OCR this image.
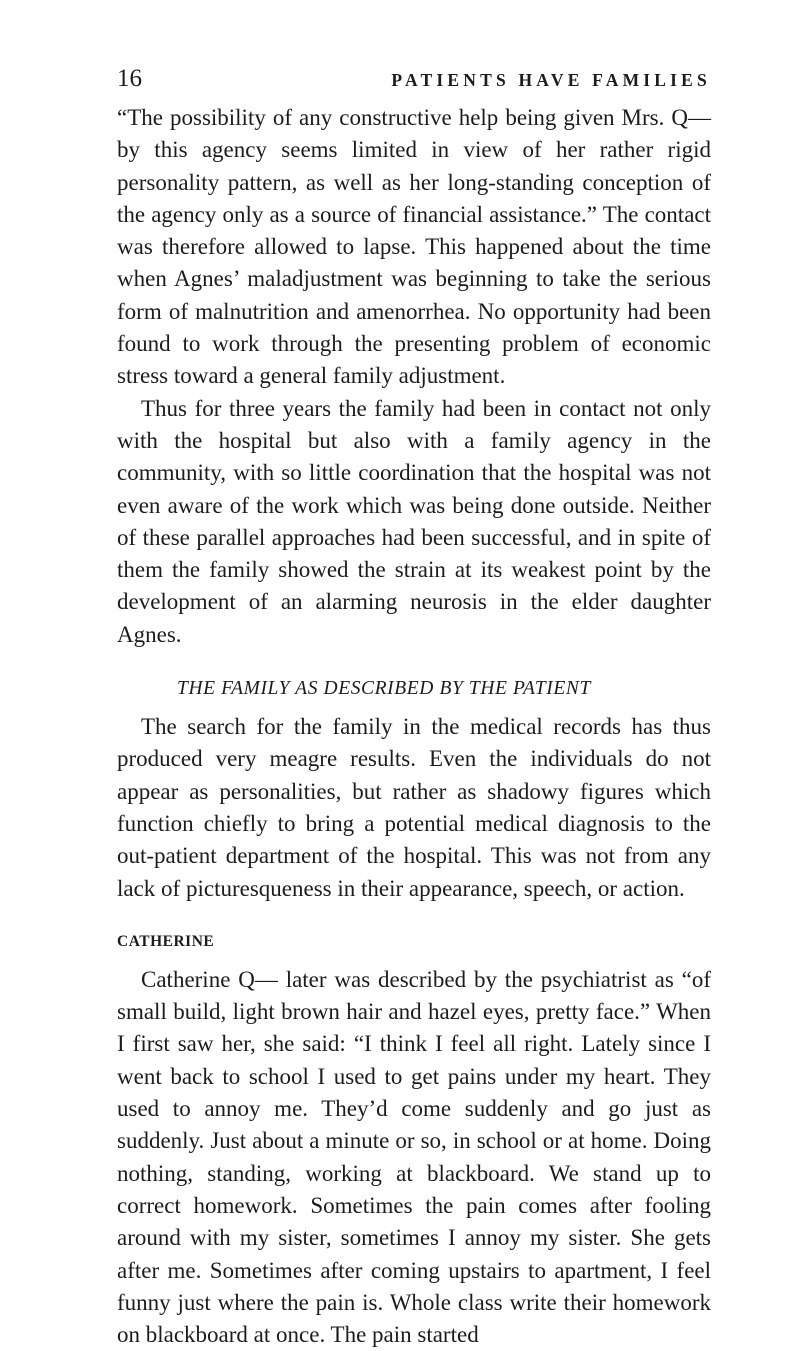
16	PATIENTS HAVE FAMILIES

“The possibility of any constructive help being given Mrs. Q— by this agency seems limited in view of her rather rigid personality pattern, as well as her long-standing conception of the agency only as a source of financial assistance.” The contact was therefore allowed to lapse. This happened about the time when Agnes’ maladjustment was beginning to take the serious form of malnutrition and amenorrhea. No opportunity had been found to work through the presenting problem of economic stress toward a general family adjustment.

Thus for three years the family had been in contact not only with the hospital but also with a family agency in the community, with so little coordination that the hospital was not even aware of the work which was being done outside. Neither of these parallel approaches had been successful, and in spite of them the family showed the strain at its weakest point by the development of an alarming neurosis in the elder daughter Agnes.

THE FAMILY AS DESCRIBED BY THE PATIENT

The search for the family in the medical records has thus produced very meagre results. Even the individuals do not appear as personalities, but rather as shadowy figures which function chiefly to bring a potential medical diagnosis to the out-patient department of the hospital. This was not from any lack of picturesqueness in their appearance, speech, or action.

CATHERINE

Catherine Q— later was described by the psychiatrist as “of small build, light brown hair and hazel eyes, pretty face.” When I first saw her, she said: “I think I feel all right. Lately since I went back to school I used to get pains under my heart. They used to annoy me. They’d come suddenly and go just as suddenly. Just about a minute or so, in school or at home. Doing nothing, standing, working at blackboard. We stand up to correct homework. Sometimes the pain comes after fooling around with my sister, sometimes I annoy my sister. She gets after me. Sometimes after coming upstairs to apartment, I feel funny just where the pain is. Whole class write their homework on blackboard at once. The pain started
